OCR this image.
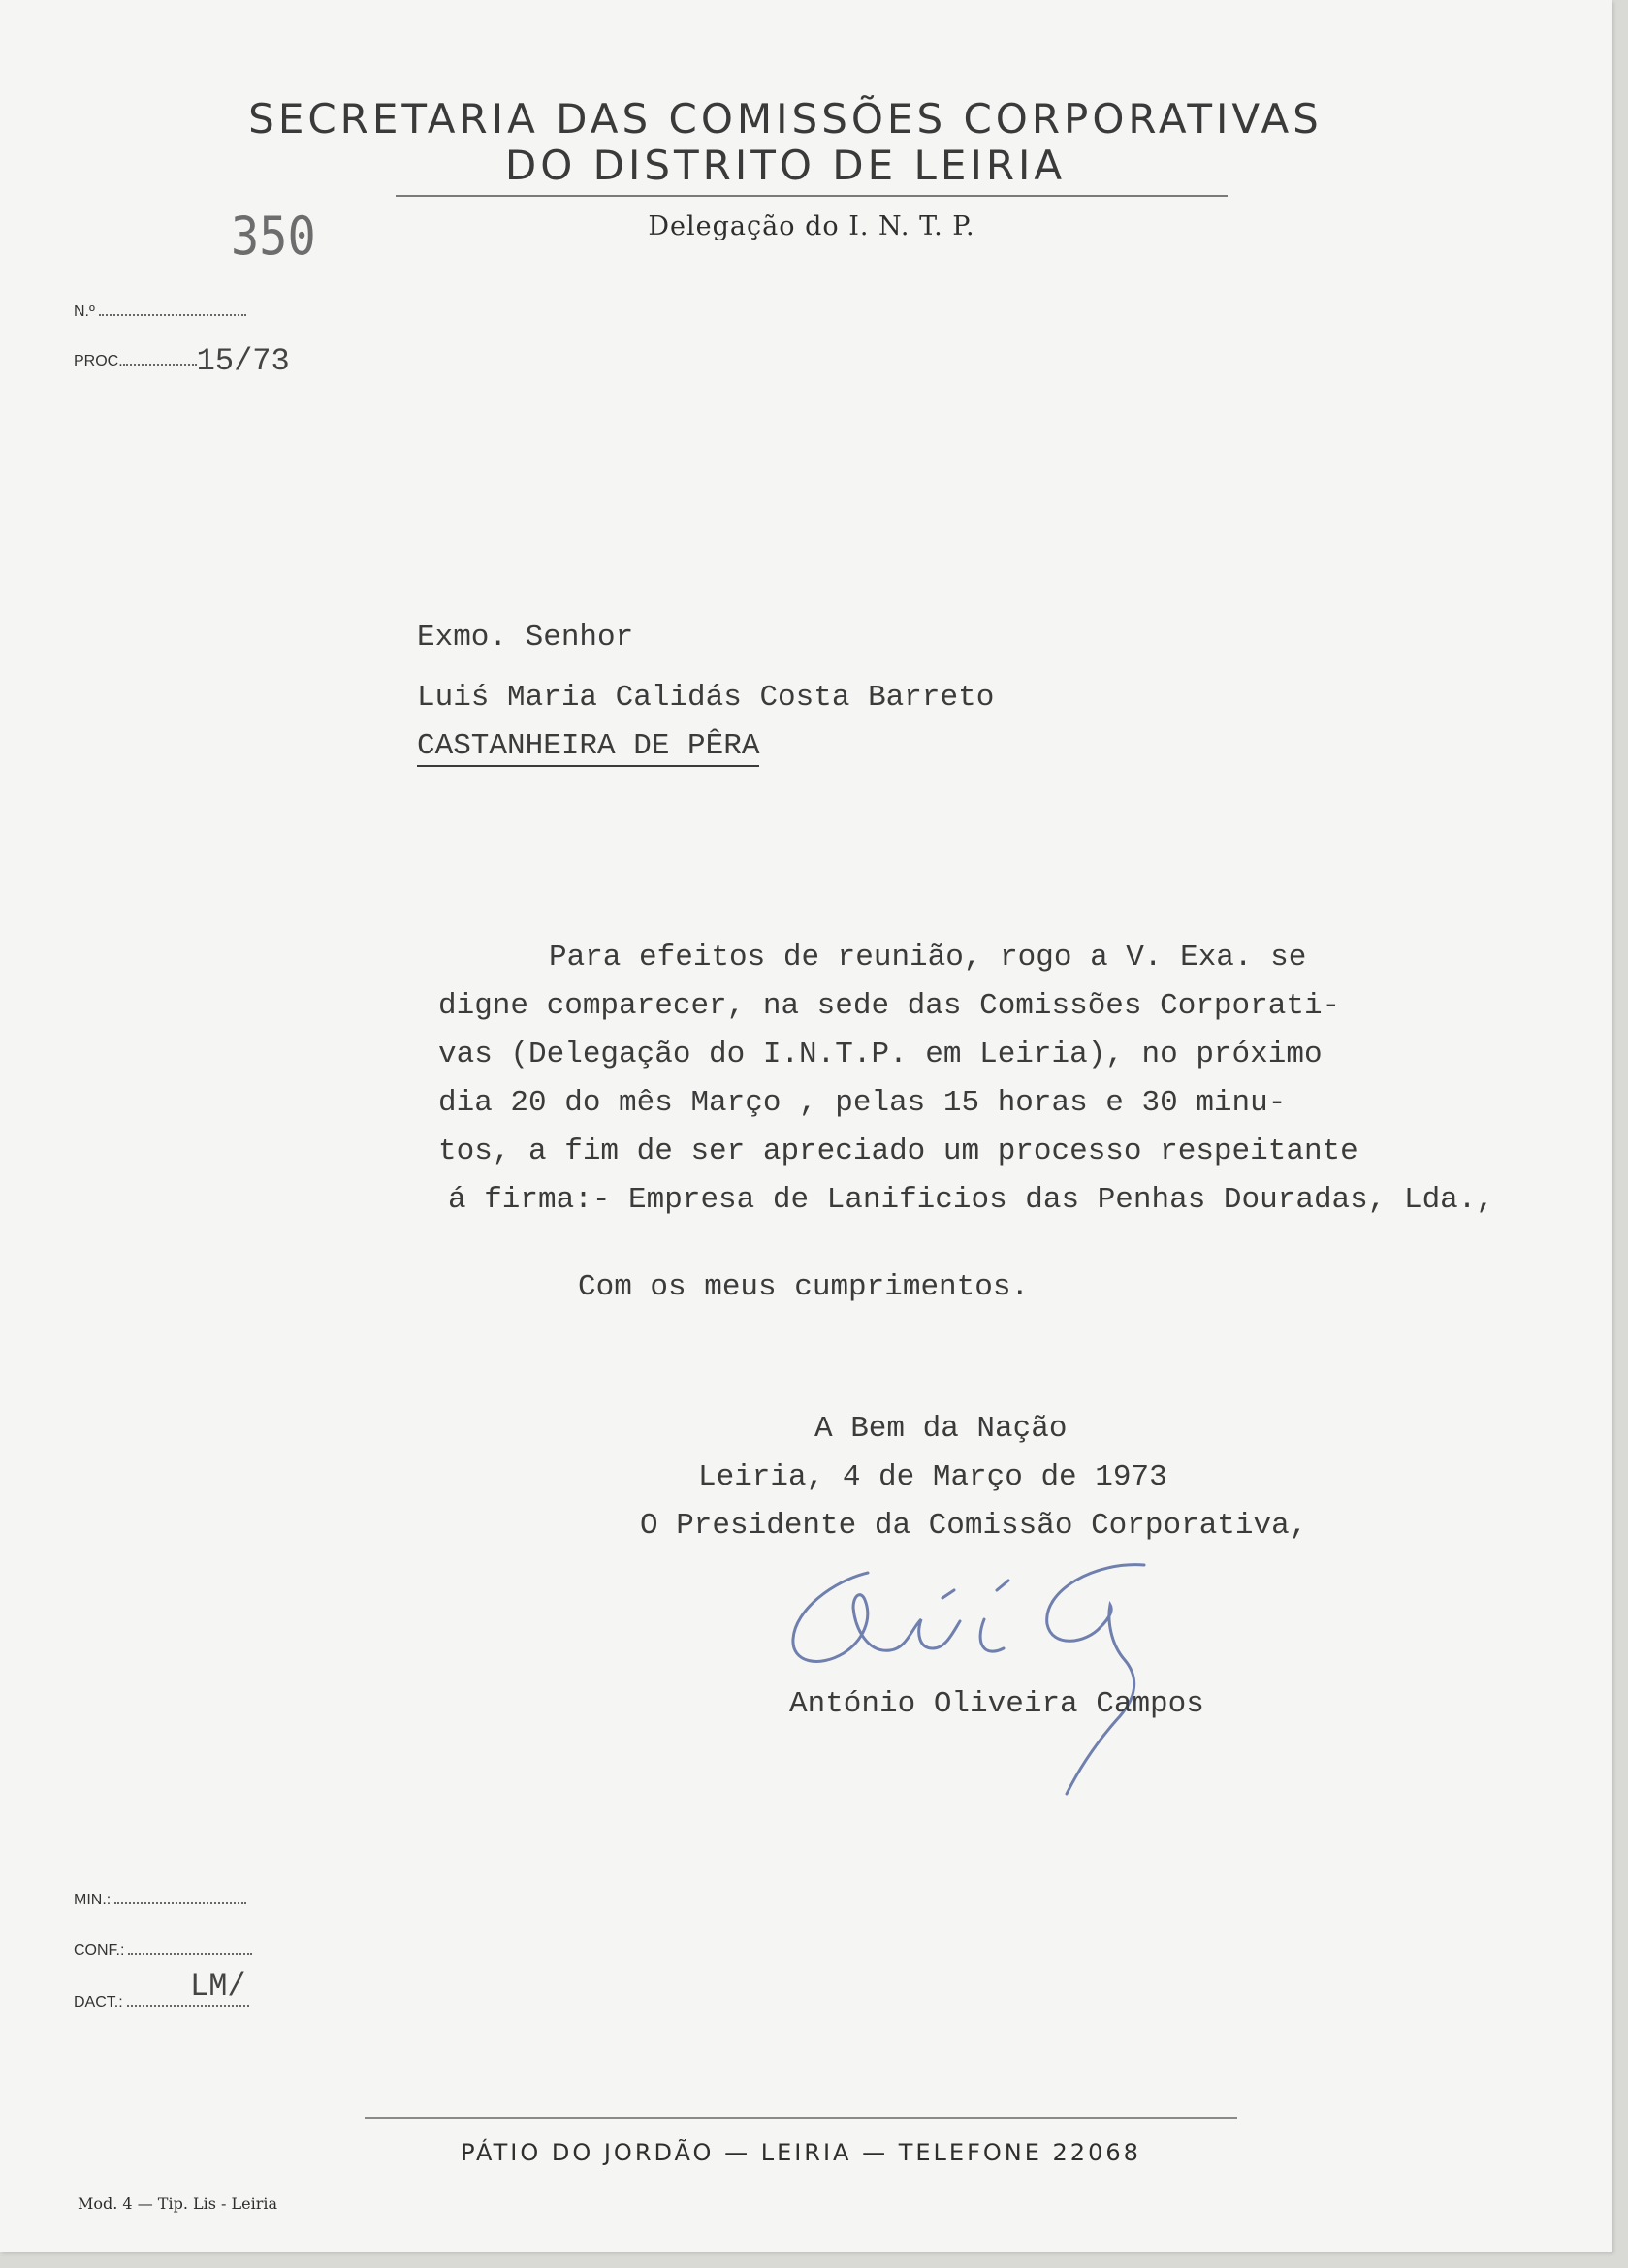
SECRETARIA DAS COMISSÕES CORPORATIVAS
DO DISTRITO DE LEIRIA
Delegação do I. N. T. P.
350
N.º
PROC. 15/73
Exmo. Senhor
Luiś Maria Calidás Costa Barreto
CASTANHEIRA DE PÊRA
Para efeitos de reunião, rogo a V. Exa. se
digne comparecer, na sede das Comissões Corporati-
vas (Delegação do I.N.T.P. em Leiria), no próximo
dia 20 do mês Março , pelas 15 horas e 30 minu-
tos, a fim de ser apreciado um processo respeitante
á firma:- Empresa de Lanificios das Penhas Douradas, Lda.,
Com os meus cumprimentos.
A Bem da Nação
Leiria, 4 de Março de 1973
O Presidente da Comissão Corporativa,
António Oliveira Campos
MIN.:
CONF.:
DACT.: LM/
PÁTIO DO JORDÃO — LEIRIA — TELEFONE 22068
Mod. 4 — Tip. Lis - Leiria
